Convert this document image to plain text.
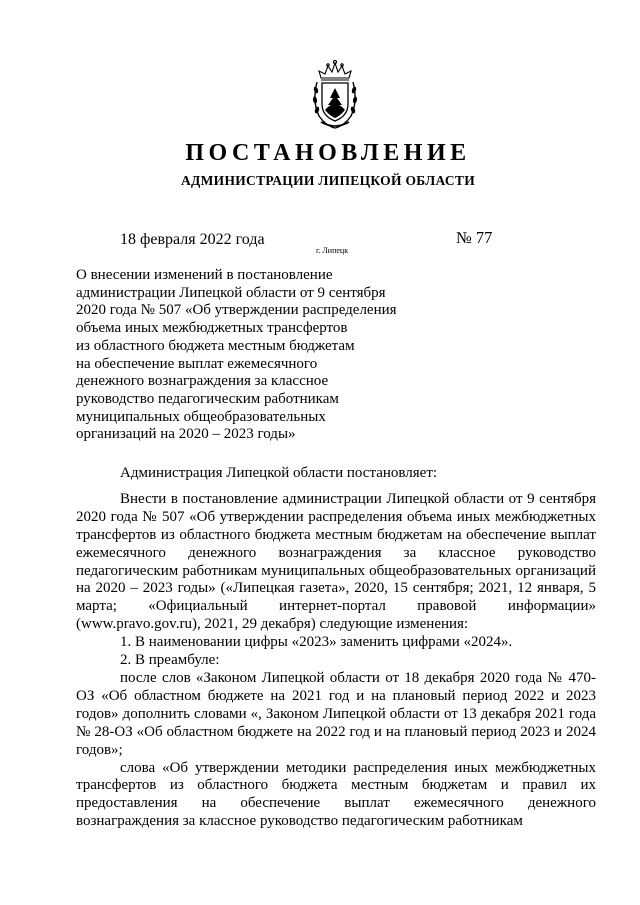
ПОСТАНОВЛЕНИЕ
АДМИНИСТРАЦИИ ЛИПЕЦКОЙ ОБЛАСТИ
18 февраля 2022 года
г. Липецк
№ 77
О внесении изменений в постановление
администрации Липецкой области от 9 сентября
2020 года № 507 «Об утверждении распределения
объема иных межбюджетных трансфертов
из областного бюджета местным бюджетам
на обеспечение выплат ежемесячного
денежного вознаграждения за классное
руководство педагогическим работникам
муниципальных общеобразовательных
организаций на 2020 – 2023 годы»

Администрация Липецкой области постановляет:

Внести в постановление администрации Липецкой области от 9 сентября 2020 года № 507 «Об утверждении распределения объема иных межбюджетных трансфертов из областного бюджета местным бюджетам на обеспечение выплат ежемесячного денежного вознаграждения за классное руководство педагогическим работникам муниципальных общеобразовательных организаций на 2020 – 2023 годы» («Липецкая газета», 2020, 15 сентября; 2021, 12 января, 5 марта; «Официальный интернет-портал правовой информации» (www.pravo.gov.ru), 2021, 29 декабря) следующие изменения:

1. В наименовании цифры «2023» заменить цифрами «2024».

2. В преамбуле:

после слов «Законом Липецкой области от 18 декабря 2020 года № 470-ОЗ «Об областном бюджете на 2021 год и на плановый период 2022 и 2023 годов» дополнить словами «, Законом Липецкой области от 13 декабря 2021 года № 28-ОЗ «Об областном бюджете на 2022 год и на плановый период 2023 и 2024 годов»;

слова «Об утверждении методики распределения иных межбюджетных трансфертов из областного бюджета местным бюджетам и правил их предоставления на обеспечение выплат ежемесячного денежного вознаграждения за классное руководство педагогическим работникам
